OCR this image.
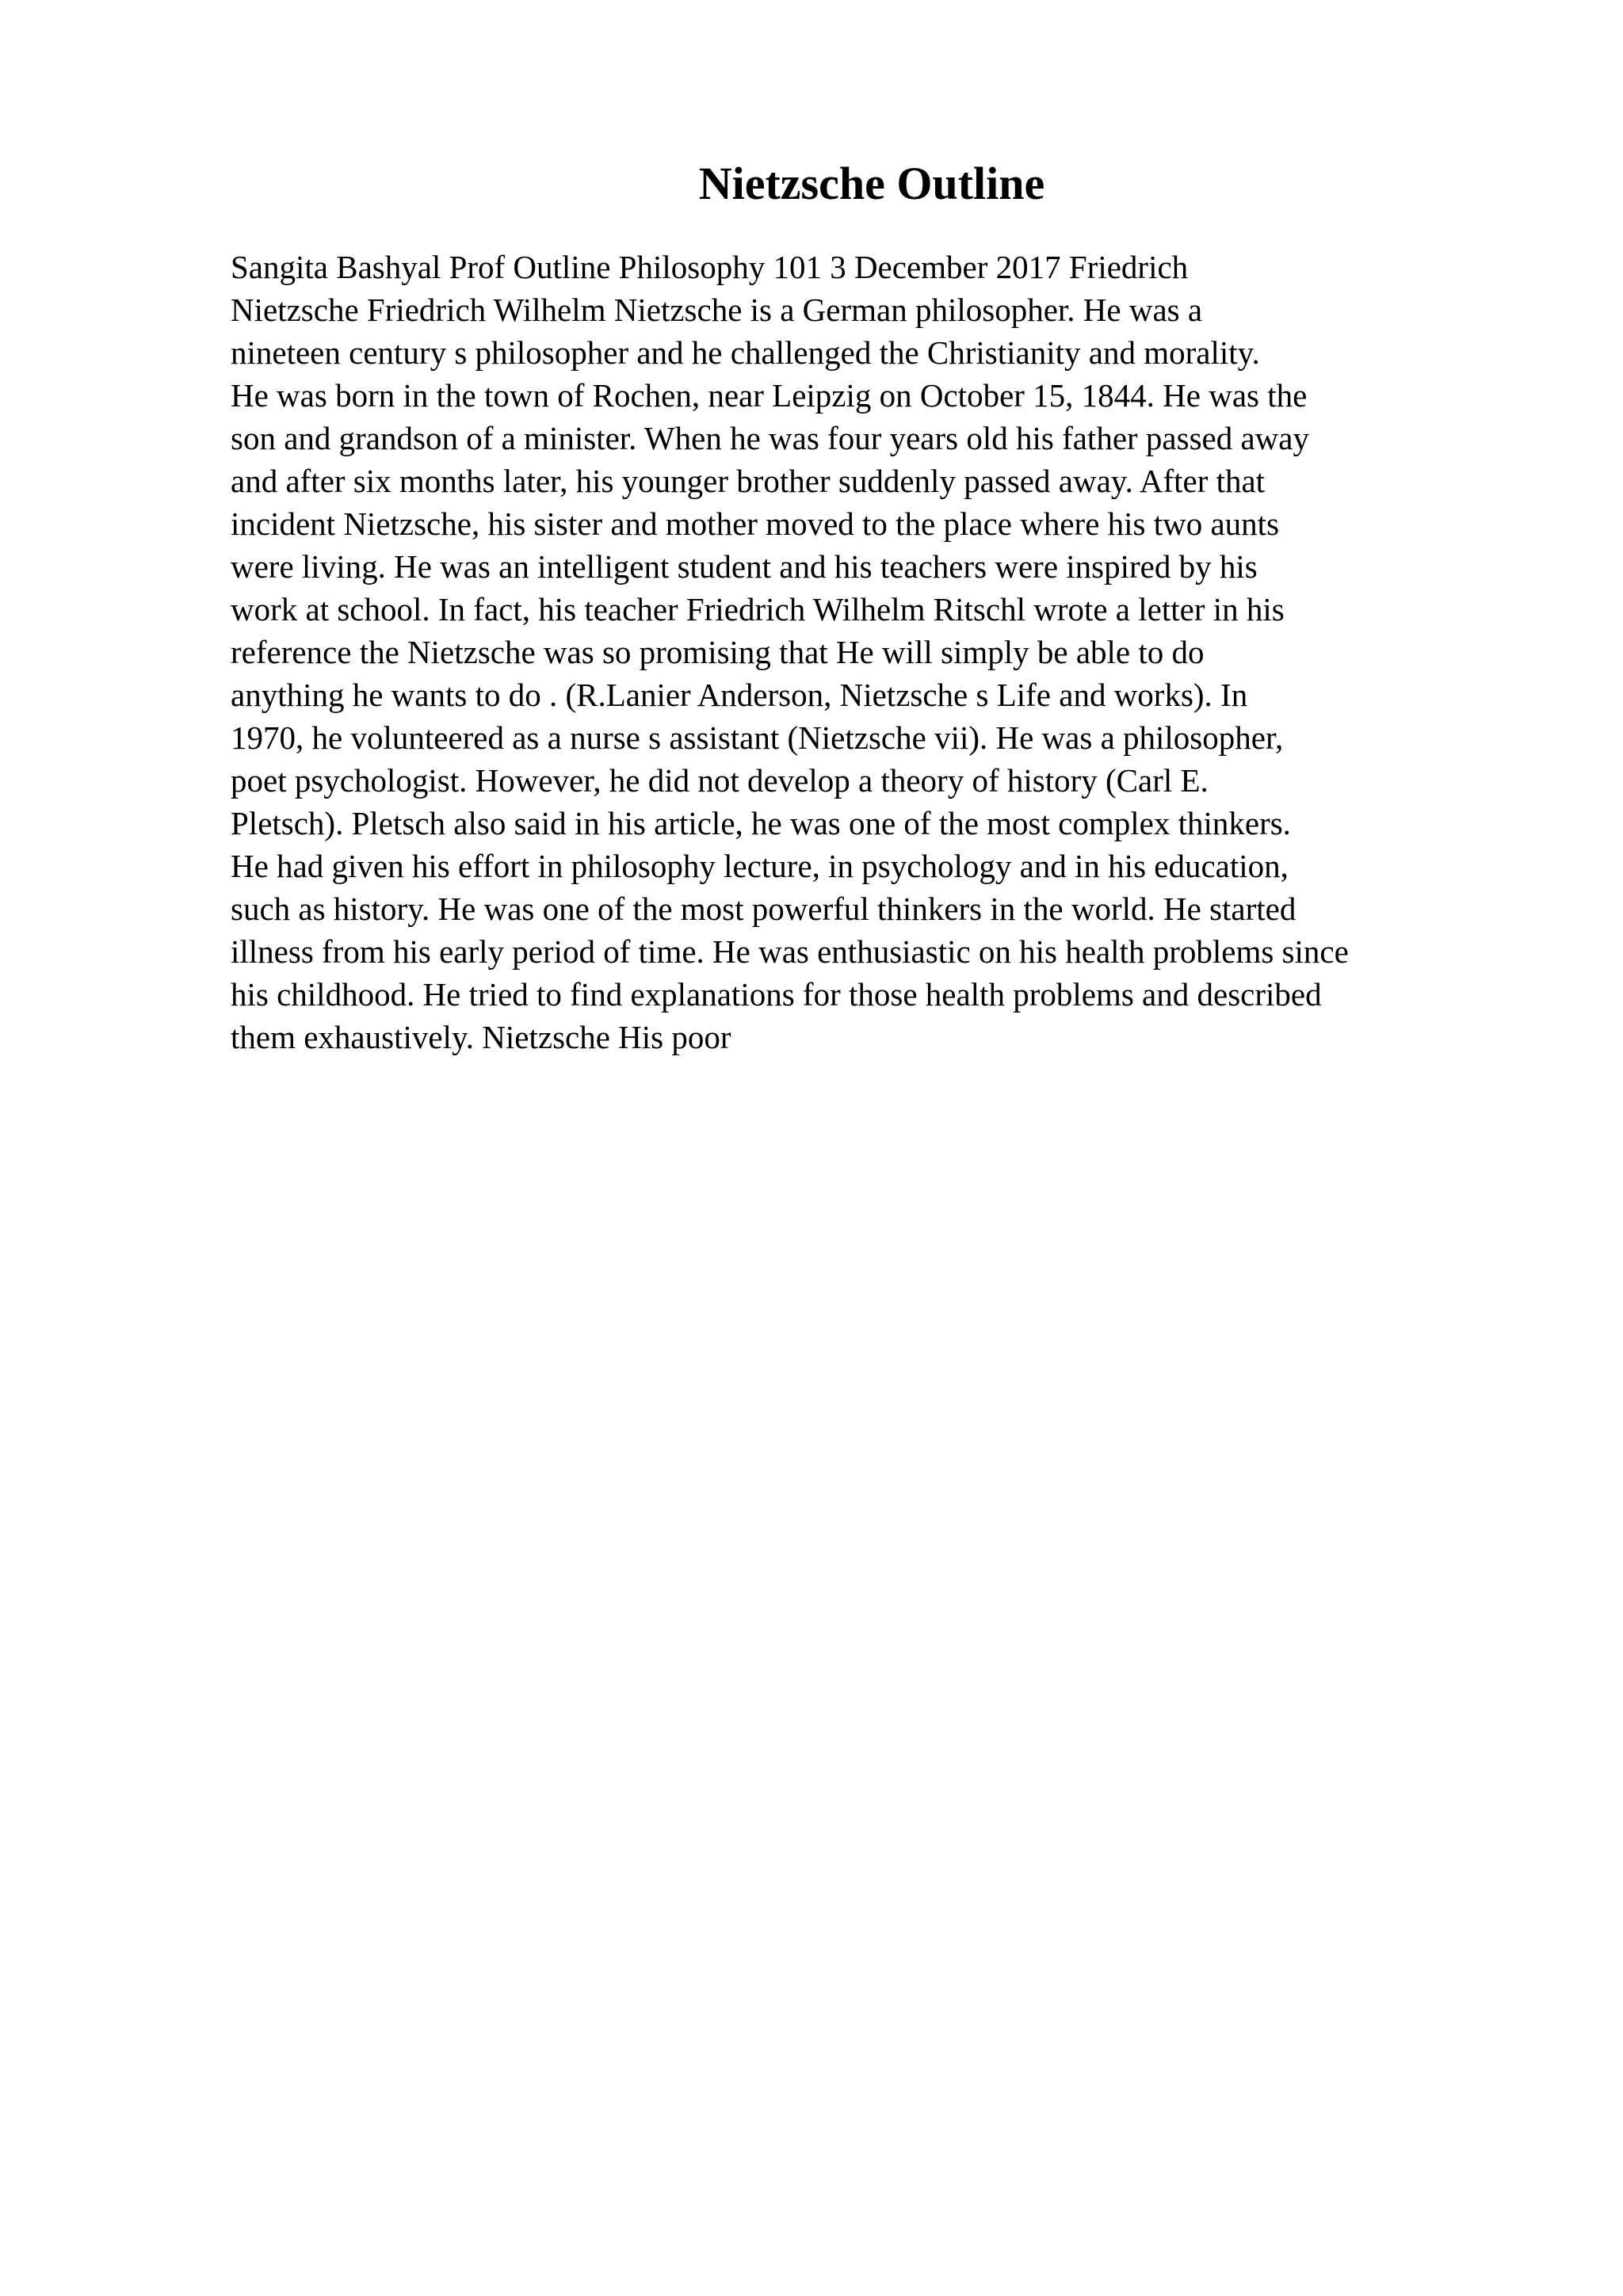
Nietzsche Outline
Sangita Bashyal Prof Outline Philosophy 101 3 December 2017 Friedrich
Nietzsche Friedrich Wilhelm Nietzsche is a German philosopher. He was a
nineteen century s philosopher and he challenged the Christianity and morality.
He was born in the town of Rochen, near Leipzig on October 15, 1844. He was the
son and grandson of a minister. When he was four years old his father passed away
and after six months later, his younger brother suddenly passed away. After that
incident Nietzsche, his sister and mother moved to the place where his two aunts
were living. He was an intelligent student and his teachers were inspired by his
work at school. In fact, his teacher Friedrich Wilhelm Ritschl wrote a letter in his
reference the Nietzsche was so promising that He will simply be able to do
anything he wants to do . (R.Lanier Anderson, Nietzsche s Life and works). In
1970, he volunteered as a nurse s assistant (Nietzsche vii). He was a philosopher,
poet psychologist. However, he did not develop a theory of history (Carl E.
Pletsch). Pletsch also said in his article, he was one of the most complex thinkers.
He had given his effort in philosophy lecture, in psychology and in his education,
such as history. He was one of the most powerful thinkers in the world. He started
illness from his early period of time. He was enthusiastic on his health problems since
his childhood. He tried to find explanations for those health problems and described
them exhaustively. Nietzsche His poor
